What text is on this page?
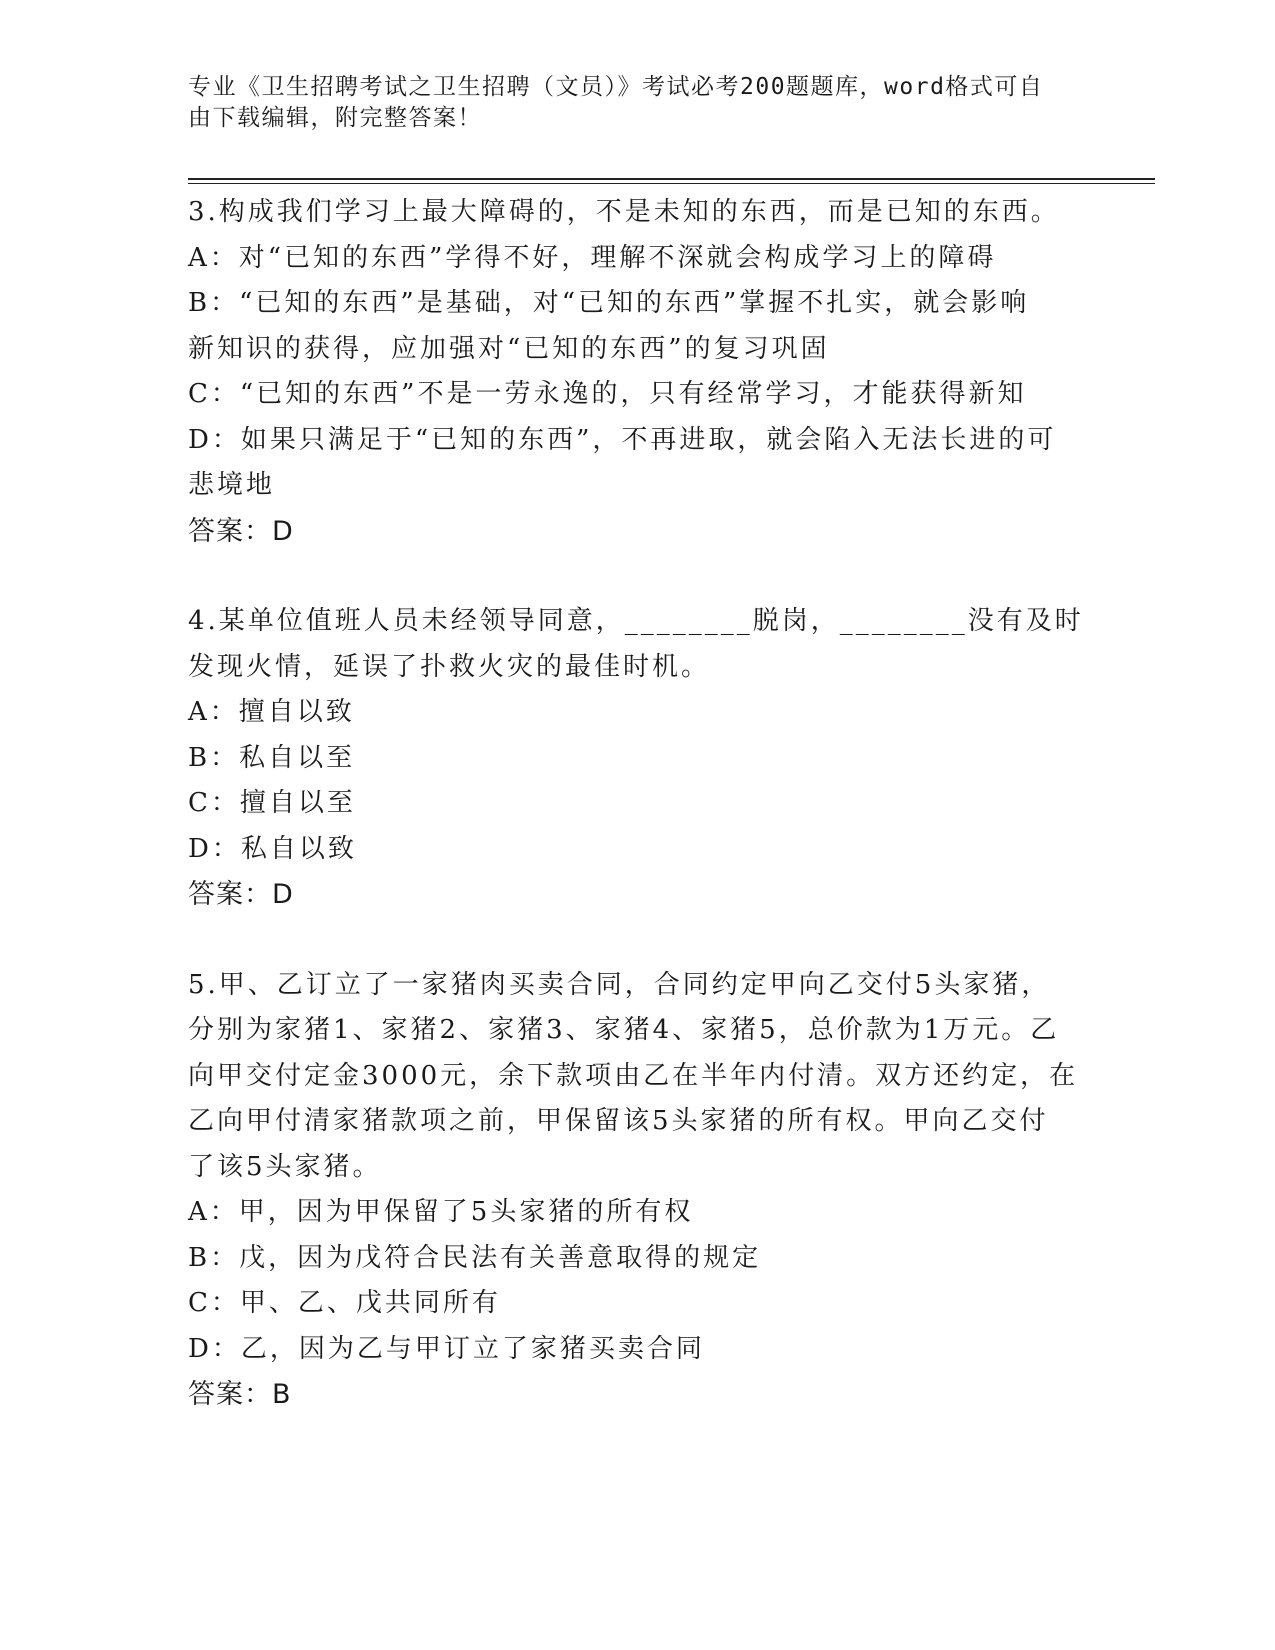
专业《卫生招聘考试之卫生招聘（文员）》考试必考200题题库，word格式可自
由下载编辑，附完整答案！
3.构成我们学习上最大障碍的，不是未知的东西，而是已知的东西。
A：对“已知的东西”学得不好，理解不深就会构成学习上的障碍
B：“已知的东西”是基础，对“已知的东西”掌握不扎实，就会影响
新知识的获得，应加强对“已知的东西”的复习巩固
C：“已知的东西”不是一劳永逸的，只有经常学习，才能获得新知
D：如果只满足于“已知的东西”，不再进取，就会陷入无法长进的可
悲境地
答案：D
4.某单位值班人员未经领导同意，________脱岗，________没有及时
发现火情，延误了扑救火灾的最佳时机。
A：擅自以致
B：私自以至
C：擅自以至
D：私自以致
答案：D
5.甲、乙订立了一家猪肉买卖合同，合同约定甲向乙交付5头家猪，
分别为家猪1、家猪2、家猪3、家猪4、家猪5，总价款为1万元。乙
向甲交付定金3000元，余下款项由乙在半年内付清。双方还约定，在
乙向甲付清家猪款项之前，甲保留该5头家猪的所有权。甲向乙交付
了该5头家猪。
A：甲，因为甲保留了5头家猪的所有权
B：戊，因为戊符合民法有关善意取得的规定
C：甲、乙、戊共同所有
D：乙，因为乙与甲订立了家猪买卖合同
答案：B
